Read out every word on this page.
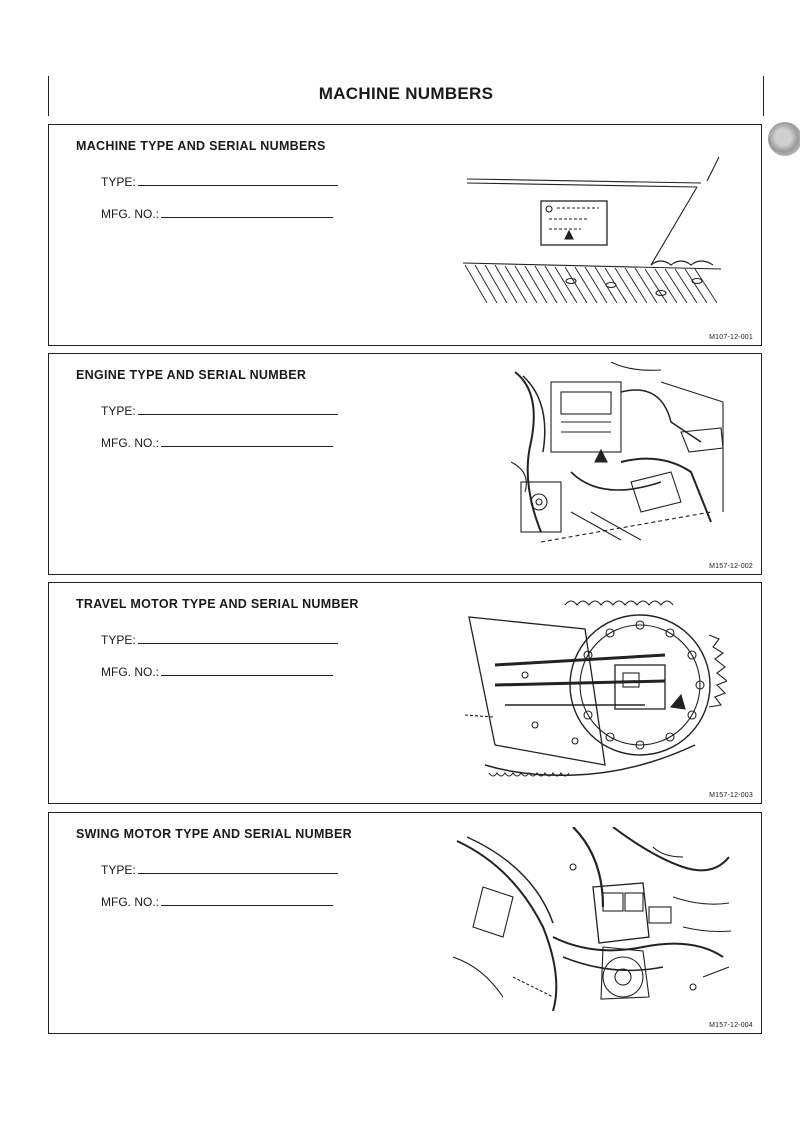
MACHINE NUMBERS
MACHINE TYPE AND SERIAL NUMBERS
TYPE:
MFG. NO.:
M107-12-001
ENGINE TYPE AND SERIAL NUMBER
TYPE:
MFG. NO.:
M157-12-002
TRAVEL MOTOR TYPE AND SERIAL NUMBER
TYPE:
MFG. NO.:
M157-12-003
SWING MOTOR TYPE AND SERIAL NUMBER
TYPE:
MFG. NO.:
M157-12-004
